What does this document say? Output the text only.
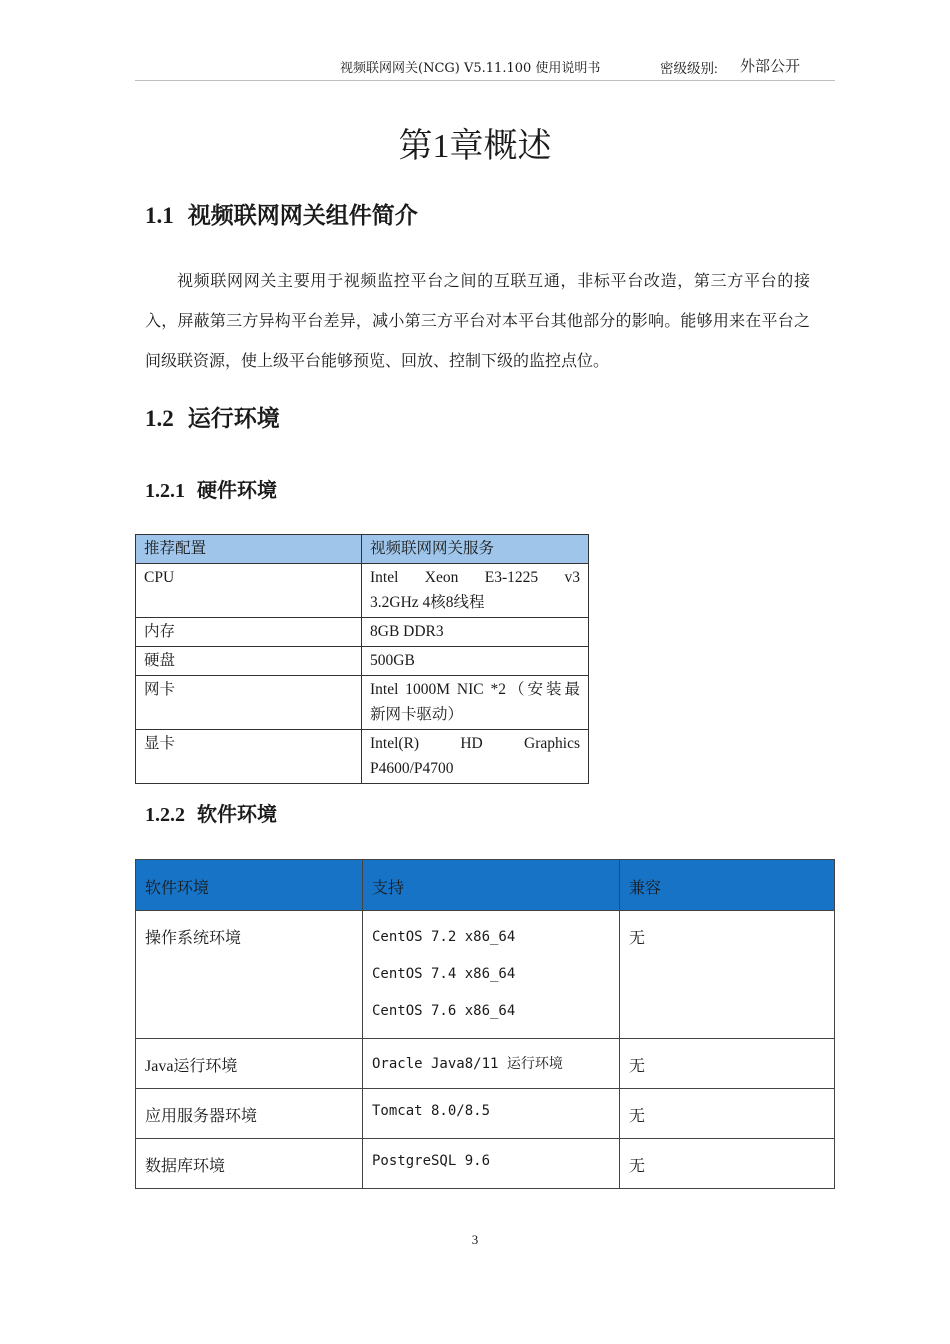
视频联网网关(NCG) V5.11.100 使用说明书	密级级别: 外部公开
第1章概述
1.1 视频联网网关组件简介
视频联网网关主要用于视频监控平台之间的互联互通，非标平台改造，第三方平台的接入，屏蔽第三方异构平台差异，减小第三方平台对本平台其他部分的影响。能够用来在平台之间级联资源，使上级平台能够预览、回放、控制下级的监控点位。
1.2 运行环境
1.2.1 硬件环境
推荐配置	视频联网网关服务
CPU	Intel Xeon E3-1225 v3
3.2GHz 4核8线程

内存	8GB DDR3
硬盘	500GB
网卡	Intel 1000M NIC *2（安装最
新网卡驱动）

显卡	Intel(R) HD Graphics
P4600/P4700
1.2.2 软件环境
软件环境	支持	兼容
操作系统环境	CentOS 7.2 x86_64
CentOS 7.4 x86_64
CentOS 7.6 x86_64	无
Java运行环境	Oracle Java8/11 运行环境	无
应用服务器环境	Tomcat 8.0/8.5	无
数据库环境	PostgreSQL 9.6	无
3
